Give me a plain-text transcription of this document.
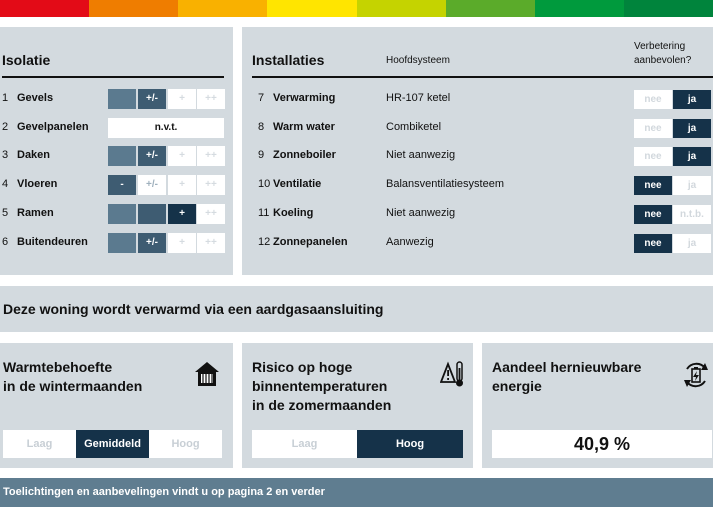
Isolatie
1 Gevels	+/-	+	++
2 Gevelpanelen	n.v.t.
3 Daken	+/-	+	++
4 Vloeren	-	+/-	+	++
5 Ramen	+	++
6 Buitendeuren	+/-	+	++
Installaties	Hoofdsysteem
Verbetering
aanbevolen?
7 Verwarming	HR-107 ketel	nee	ja
8 Warm water	Combiketel	nee	ja
9 Zonneboiler	Niet aanwezig	nee	ja
10 Ventilatie	Balansventilatiesysteem	nee	ja
11 Koeling	Niet aanwezig	nee	n.t.b.
12 Zonnepanelen	Aanwezig	nee	ja
Deze woning wordt verwarmd via een aardgasaansluiting
Warmtebehoefte
in de wintermaanden
Laag	Gemiddeld	Hoog
Risico op hoge
binnentemperaturen
in de zomermaanden
Laag	Hoog
Aandeel hernieuwbare
energie
40,9 %
Toelichtingen en aanbevelingen vindt u op pagina 2 en verder
